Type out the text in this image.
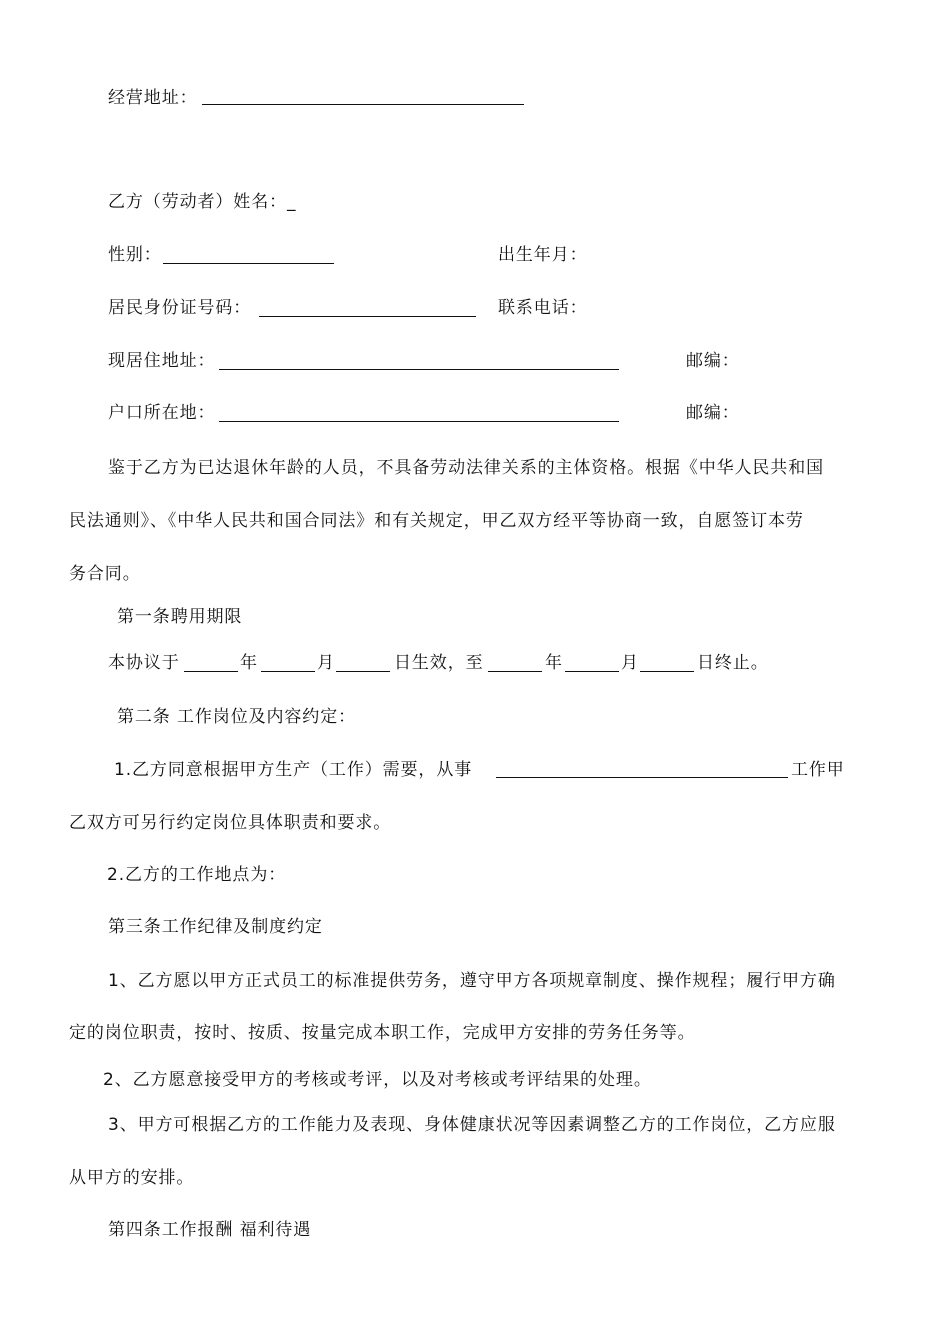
经营地址：
乙方（劳动者）姓名：_
性别：	出生年月：
居民身份证号码：	联系电话：
现居住地址：	邮编：
户口所在地：	邮编：
鉴于乙方为已达退休年龄的人员，不具备劳动法律关系的主体资格。根据《中华人民共和国
民法通则》、《中华人民共和国合同法》和有关规定，甲乙双方经平等协商一致，自愿签订本劳
务合同。
第一条聘用期限
本协议于	年	月	日生效，至	年	月	日终止。
第二条 工作岗位及内容约定：
1.乙方同意根据甲方生产（工作）需要，从事	工作甲
乙双方可另行约定岗位具体职责和要求。
2.乙方的工作地点为：
第三条工作纪律及制度约定
1、乙方愿以甲方正式员工的标准提供劳务，遵守甲方各项规章制度、操作规程；履行甲方确
定的岗位职责，按时、按质、按量完成本职工作，完成甲方安排的劳务任务等。
2、乙方愿意接受甲方的考核或考评，以及对考核或考评结果的处理。
3、甲方可根据乙方的工作能力及表现、身体健康状况等因素调整乙方的工作岗位，乙方应服
从甲方的安排。
第四条工作报酬 福利待遇
